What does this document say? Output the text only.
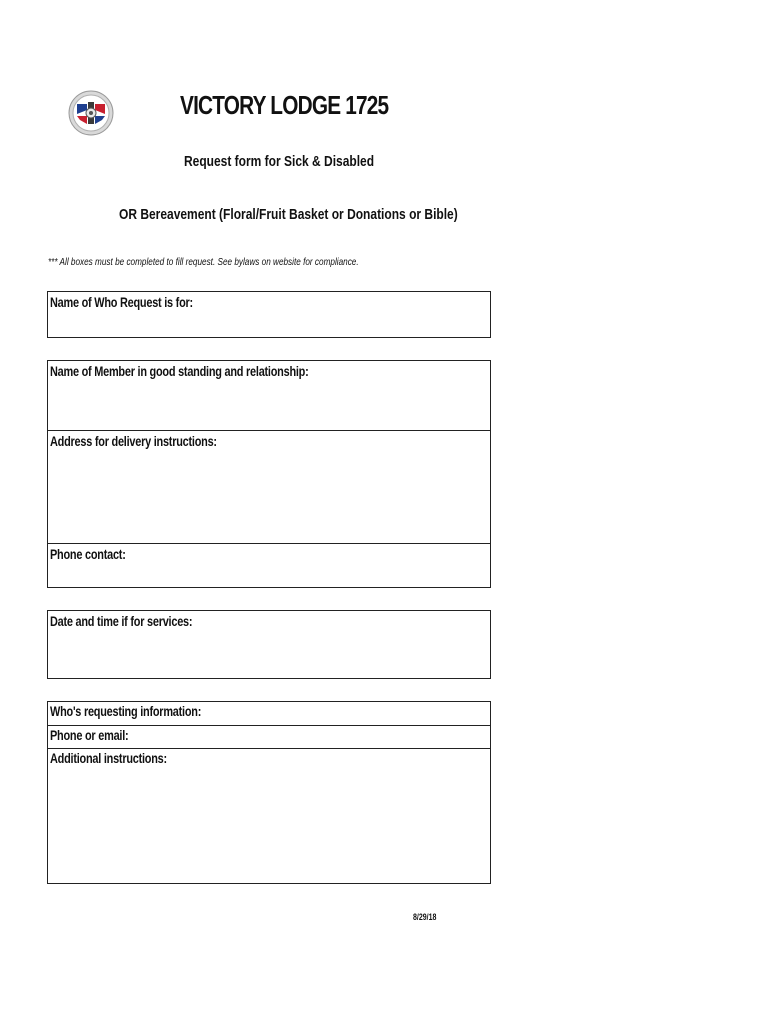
VICTORY LODGE 1725
Request form for Sick & Disabled
OR Bereavement (Floral/Fruit Basket or Donations or Bible)
*** All boxes must be completed to fill request. See bylaws on website for compliance.
Name of Who Request is for:
Name of Member in good standing and relationship:
Address for delivery instructions:
Phone contact:
Date and time if for services:
Who's requesting information:
Phone or email:
Additional instructions:
8/29/18
